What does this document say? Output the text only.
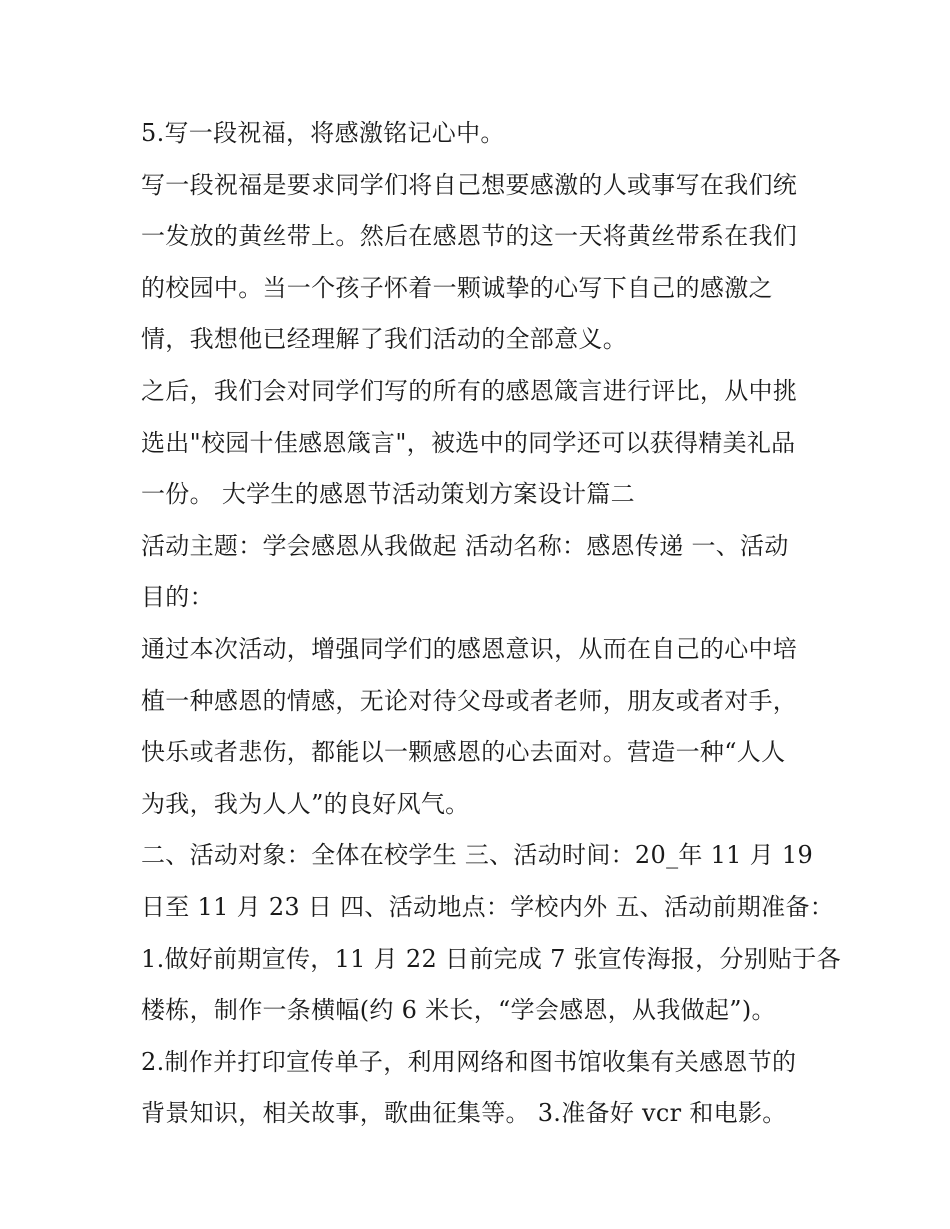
5.写一段祝福，将感激铭记心中。
写一段祝福是要求同学们将自己想要感激的人或事写在我们统
一发放的黄丝带上。然后在感恩节的这一天将黄丝带系在我们
的校园中。当一个孩子怀着一颗诚挚的心写下自己的感激之
情，我想他已经理解了我们活动的全部意义。
之后，我们会对同学们写的所有的感恩箴言进行评比，从中挑
选出"校园十佳感恩箴言"，被选中的同学还可以获得精美礼品
一份。 大学生的感恩节活动策划方案设计篇二
活动主题：学会感恩从我做起 活动名称：感恩传递 一、活动
目的：
通过本次活动，增强同学们的感恩意识，从而在自己的心中培
植一种感恩的情感，无论对待父母或者老师，朋友或者对手，
快乐或者悲伤，都能以一颗感恩的心去面对。营造一种“人人
为我，我为人人”的良好风气。
二、活动对象：全体在校学生 三、活动时间：20_年 11 月 19
日至 11 月 23 日 四、活动地点：学校内外 五、活动前期准备：
1.做好前期宣传，11 月 22 日前完成 7 张宣传海报，分别贴于各
楼栋，制作一条横幅(约 6 米长，“学会感恩，从我做起”)。
2.制作并打印宣传单子，利用网络和图书馆收集有关感恩节的
背景知识，相关故事，歌曲征集等。 3.准备好 vcr 和电影。
